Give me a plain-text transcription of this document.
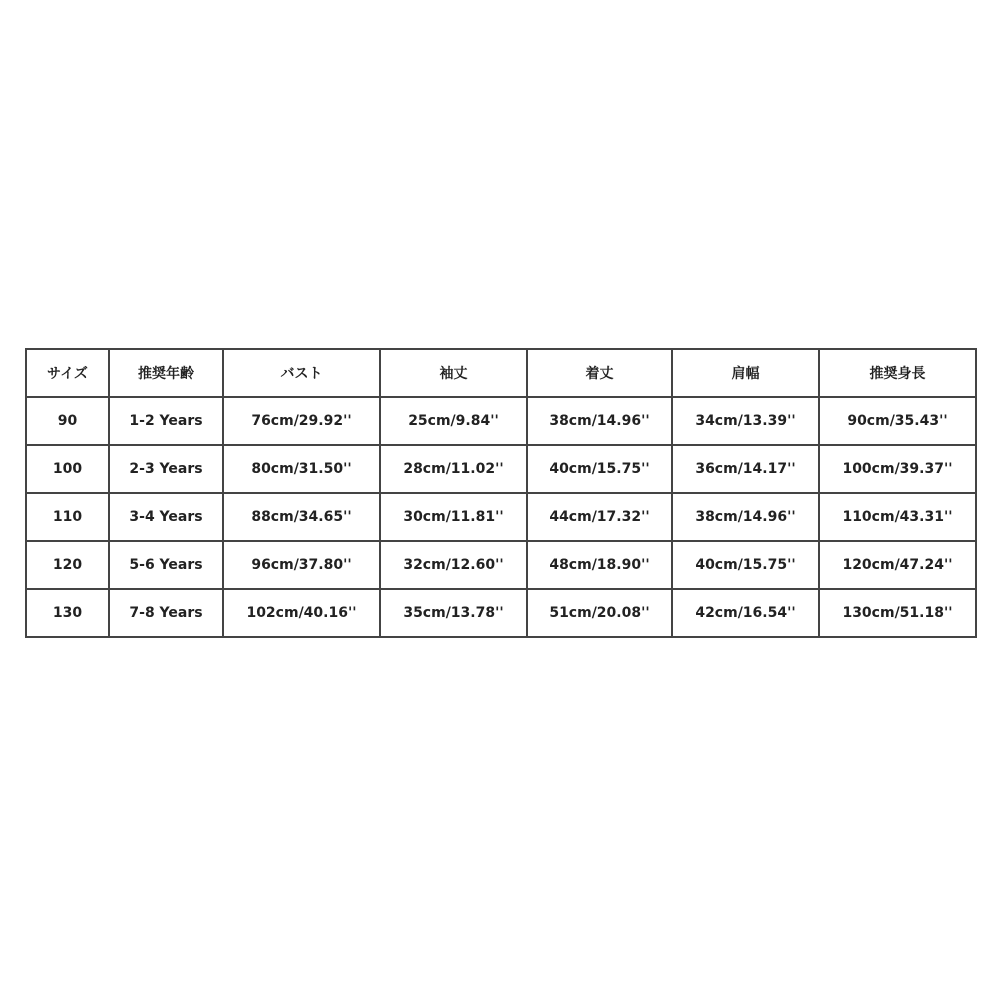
サイズ	推奨年齢	バスト	袖丈	着丈	肩幅	推奨身長
90	1-2 Years	76cm/29.92''	25cm/9.84''	38cm/14.96''	34cm/13.39''	90cm/35.43''
100	2-3 Years	80cm/31.50''	28cm/11.02''	40cm/15.75''	36cm/14.17''	100cm/39.37''
110	3-4 Years	88cm/34.65''	30cm/11.81''	44cm/17.32''	38cm/14.96''	110cm/43.31''
120	5-6 Years	96cm/37.80''	32cm/12.60''	48cm/18.90''	40cm/15.75''	120cm/47.24''
130	7-8 Years	102cm/40.16''	35cm/13.78''	51cm/20.08''	42cm/16.54''	130cm/51.18''
